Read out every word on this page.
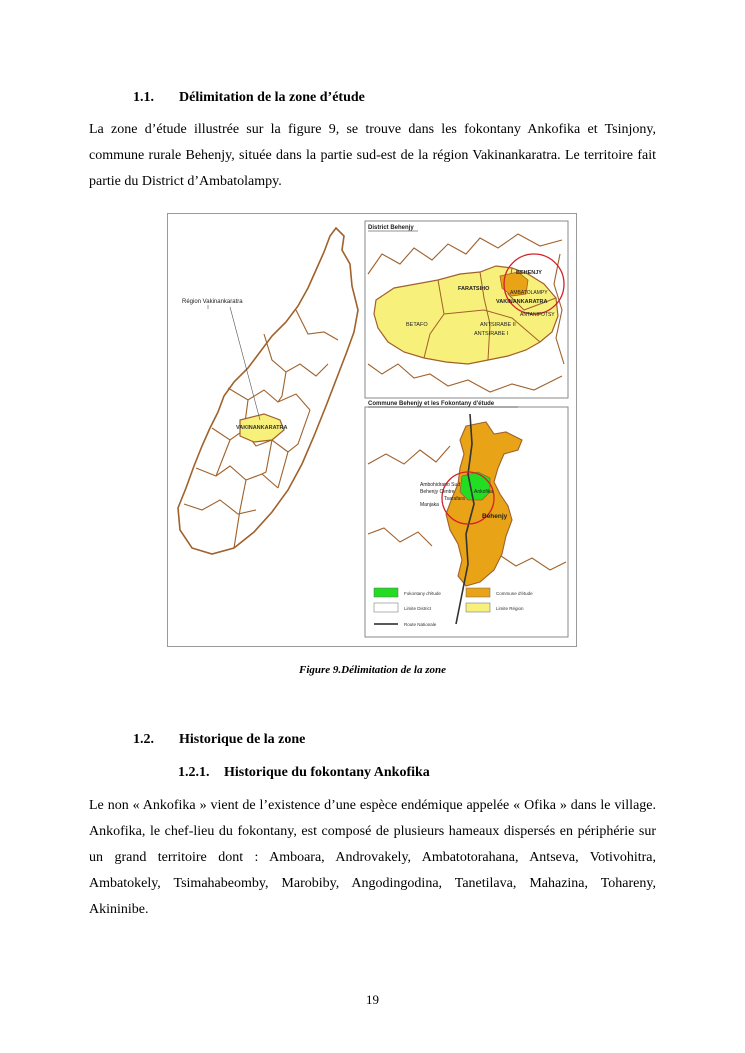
1.1. Délimitation de la zone d’étude

La zone d’étude illustrée sur la figure 9, se trouve dans les fokontany Ankofika et Tsinjony, commune rurale Behenjy, située dans la partie sud-est de la région Vakinankaratra. Le territoire fait partie du District d’Ambatolampy.

VAKINANKARATRA
Région Vakinankaratra
District Behenjy
BEHENJY
FARATSIHO
AMBATOLAMPY
VAKINANKARATRA
ANTANIFOTSY
BETAFO	ANTSIRABE II
ANTSIRABE I
Commune Behenjy et les Fokontany d'étude
Ambohidrano Sud
Behenjy Centre	Ankofika
Tsarafara
Manjaka
Behenjy
Fokontany d'étude	Commune d'étude
Limite District	Limite Région
Route Nationale
Figure 9.Délimitation de la zone
1.2. Historique de la zone
1.2.1. Historique du fokontany Ankofika

Le non « Ankofika » vient de l’existence d’une espèce endémique appelée « Ofika » dans le village. Ankofika, le chef-lieu du fokontany, est composé de plusieurs hameaux dispersés en périphérie sur un grand territoire dont : Amboara, Androvakely, Ambatotorahana, Antseva, Votivohitra, Ambatokely, Tsimahabeomby, Marobiby, Angodingodina, Tanetilava, Mahazina, Tohareny, Akininibe.

19
